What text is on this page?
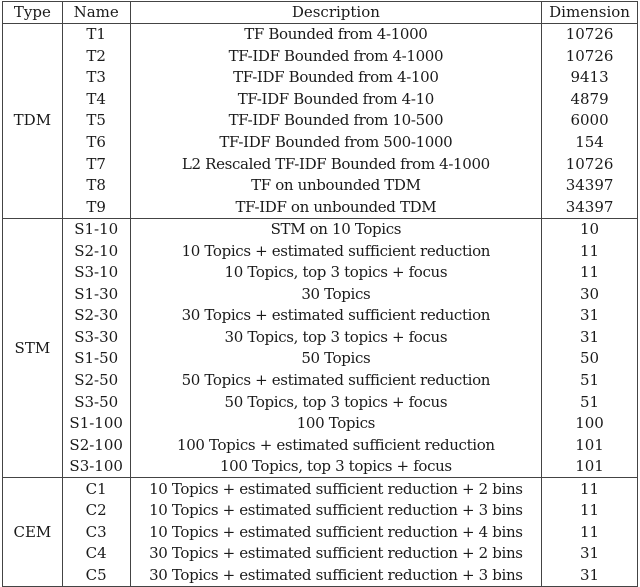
Type	Name	Description	Dimension
TDM	T1	TF Bounded from 4-1000	10726
	T2	TF-IDF Bounded from 4-1000	10726
	T3	TF-IDF Bounded from 4-100	9413
	T4	TF-IDF Bounded from 4-10	4879
	T5	TF-IDF Bounded from 10-500	6000
	T6	TF-IDF Bounded from 500-1000	154
	T7	L2 Rescaled TF-IDF Bounded from 4-1000	10726
	T8	TF on unbounded TDM	34397
	T9	TF-IDF on unbounded TDM	34397
STM	S1-10	STM on 10 Topics	10
	S2-10	10 Topics + estimated sufficient reduction	11
	S3-10	10 Topics, top 3 topics + focus	11
	S1-30	30 Topics	30
	S2-30	30 Topics + estimated sufficient reduction	31
	S3-30	30 Topics, top 3 topics + focus	31
	S1-50	50 Topics	50
	S2-50	50 Topics + estimated sufficient reduction	51
	S3-50	50 Topics, top 3 topics + focus	51
	S1-100	100 Topics	100
	S2-100	100 Topics + estimated sufficient reduction	101
	S3-100	100 Topics, top 3 topics + focus	101
CEM	C1	10 Topics + estimated sufficient reduction + 2 bins	11
	C2	10 Topics + estimated sufficient reduction + 3 bins	11
	C3	10 Topics + estimated sufficient reduction + 4 bins	11
	C4	30 Topics + estimated sufficient reduction + 2 bins	31
	C5	30 Topics + estimated sufficient reduction + 3 bins	31
